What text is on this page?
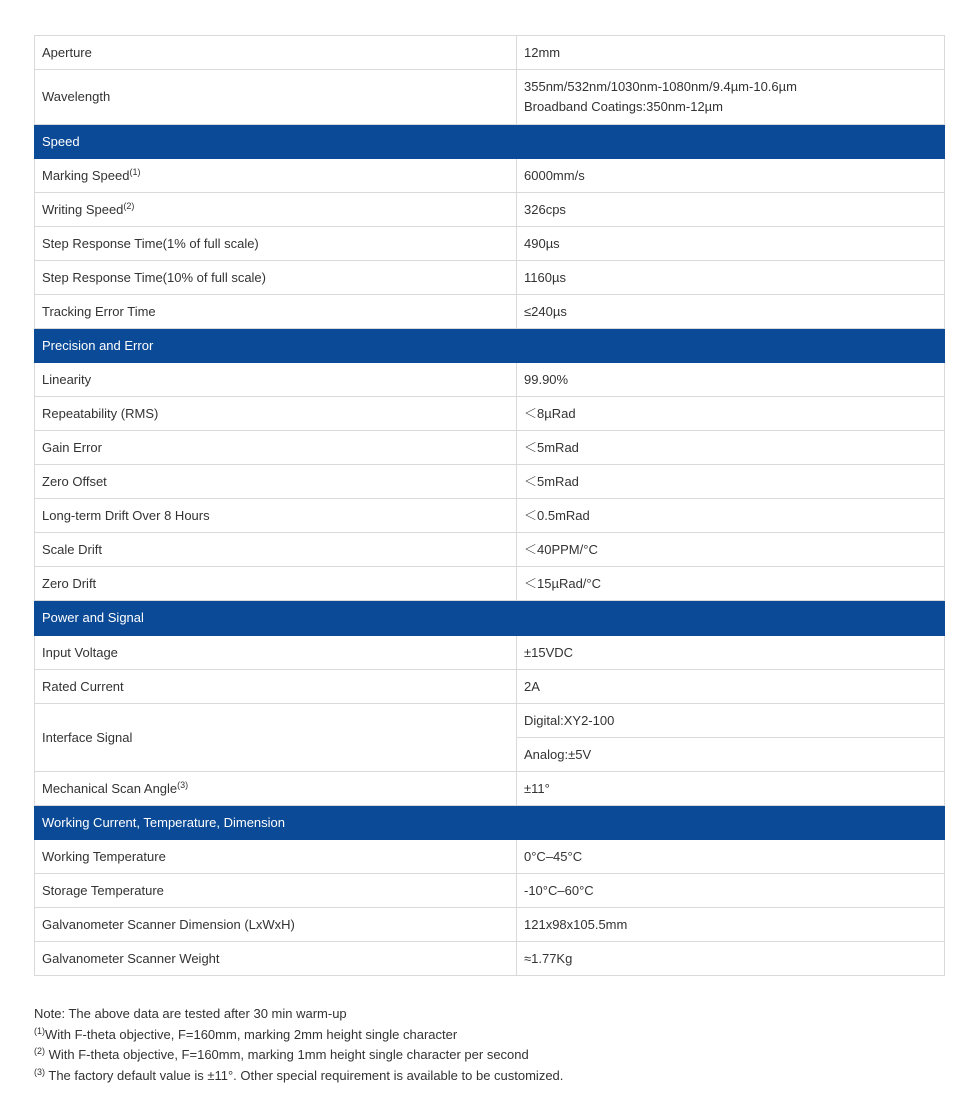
Aperture	12mm
Wavelength	355nm/532nm/1030nm-1080nm/9.4µm-10.6µm
Broadband Coatings:350nm-12µm

Speed	
Marking Speed$^{(1)}$	6000mm/s
Writing Speed$^{(2)}$	326cps
Step Response Time(1% of full scale)	490µs
Step Response Time(10% of full scale)	1160µs
Tracking Error Time	≤240µs
Precision and Error	
Linearity	99.90%
Repeatability (RMS)	＜8µRad
Gain Error	＜5mRad
Zero Offset	＜5mRad
Long-term Drift Over 8 Hours	＜0.5mRad
Scale Drift	＜40PPM/°C
Zero Drift	＜15µRad/°C
Power and Signal	
Input Voltage	±15VDC
Rated Current	2A
Interface Signal	Digital:XY2-100
	Analog:±5V
Mechanical Scan Angle$^{(3)}$	±11°
Working Current, Temperature, Dimension	
Working Temperature	0°C–45°C
Storage Temperature	-10°C–60°C
Galvanometer Scanner Dimension (LxWxH)	121x98x105.5mm
Galvanometer Scanner Weight	≈1.77Kg
Note: The above data are tested after 30 min warm-up
$^{(1)}$With F-theta objective, F=160mm, marking 2mm height single character
$^{(2)}$ With F-theta objective, F=160mm, marking 1mm height single character per second
$^{(3)}$ The factory default value is ±11°. Other special requirement is available to be customized.
